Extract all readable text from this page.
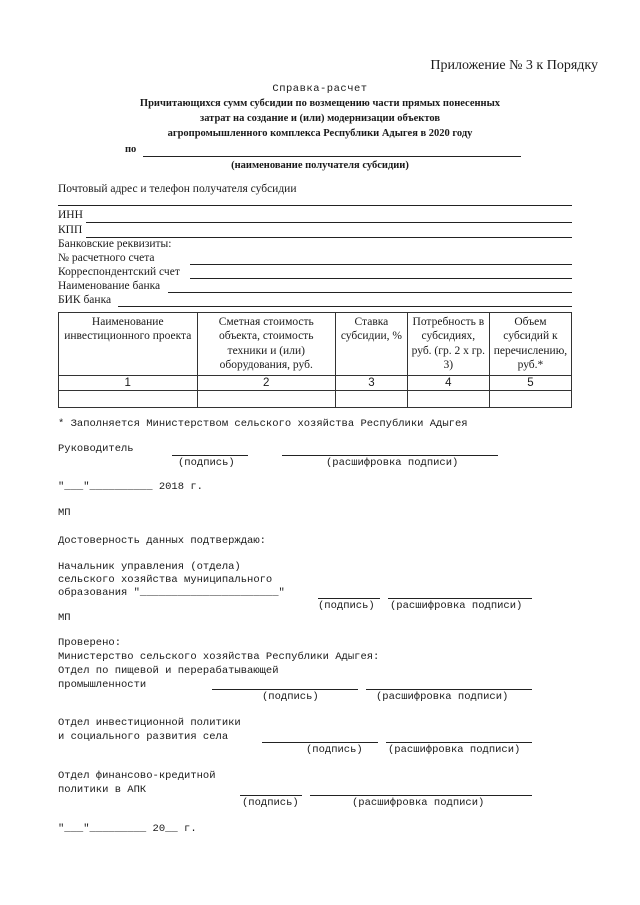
Приложение № 3 к Порядку
Справка-расчет
Причитающихся сумм субсидии по возмещению части прямых понесенных
затрат на создание и (или) модернизации объектов
агропромышленного комплекса Республики Адыгея в 2020 году
по
(наименование получателя субсидии)
Почтовый адрес и телефон получателя субсидии
ИНН
КПП
Банковские реквизиты:
№ расчетного счета
Корреспондентский счет
Наименование банка
БИК банка
Наименование инвестиционного проекта	Сметная стоимость объекта, стоимость техники и (или) оборудования, руб.	Ставка субсидии, %	Потребность в субсидиях, руб. (гр. 2 х гр. 3)	Объем субсидий к перечислению, руб.*
1	2	3	4	5

* Заполняется Министерством сельского хозяйства Республики Адыгея
Руководитель
(подпись)	(расшифровка подписи)
"___"__________ 2018 г.
МП
Достоверность данных подтверждаю:
Начальник управления (отдела)
сельского хозяйства муниципального
образования "______________________"
(подпись) (расшифровка подписи)
МП
Проверено:
Министерство сельского хозяйства Республики Адыгея:
Отдел по пищевой и перерабатывающей
промышленности
(подпись)	(расшифровка подписи)
Отдел инвестиционной политики
и социального развития села
(подпись) (расшифровка подписи)
Отдел финансово-кредитной
политики в АПК
(подпись)	(расшифровка подписи)
"___"_________ 20__ г.
